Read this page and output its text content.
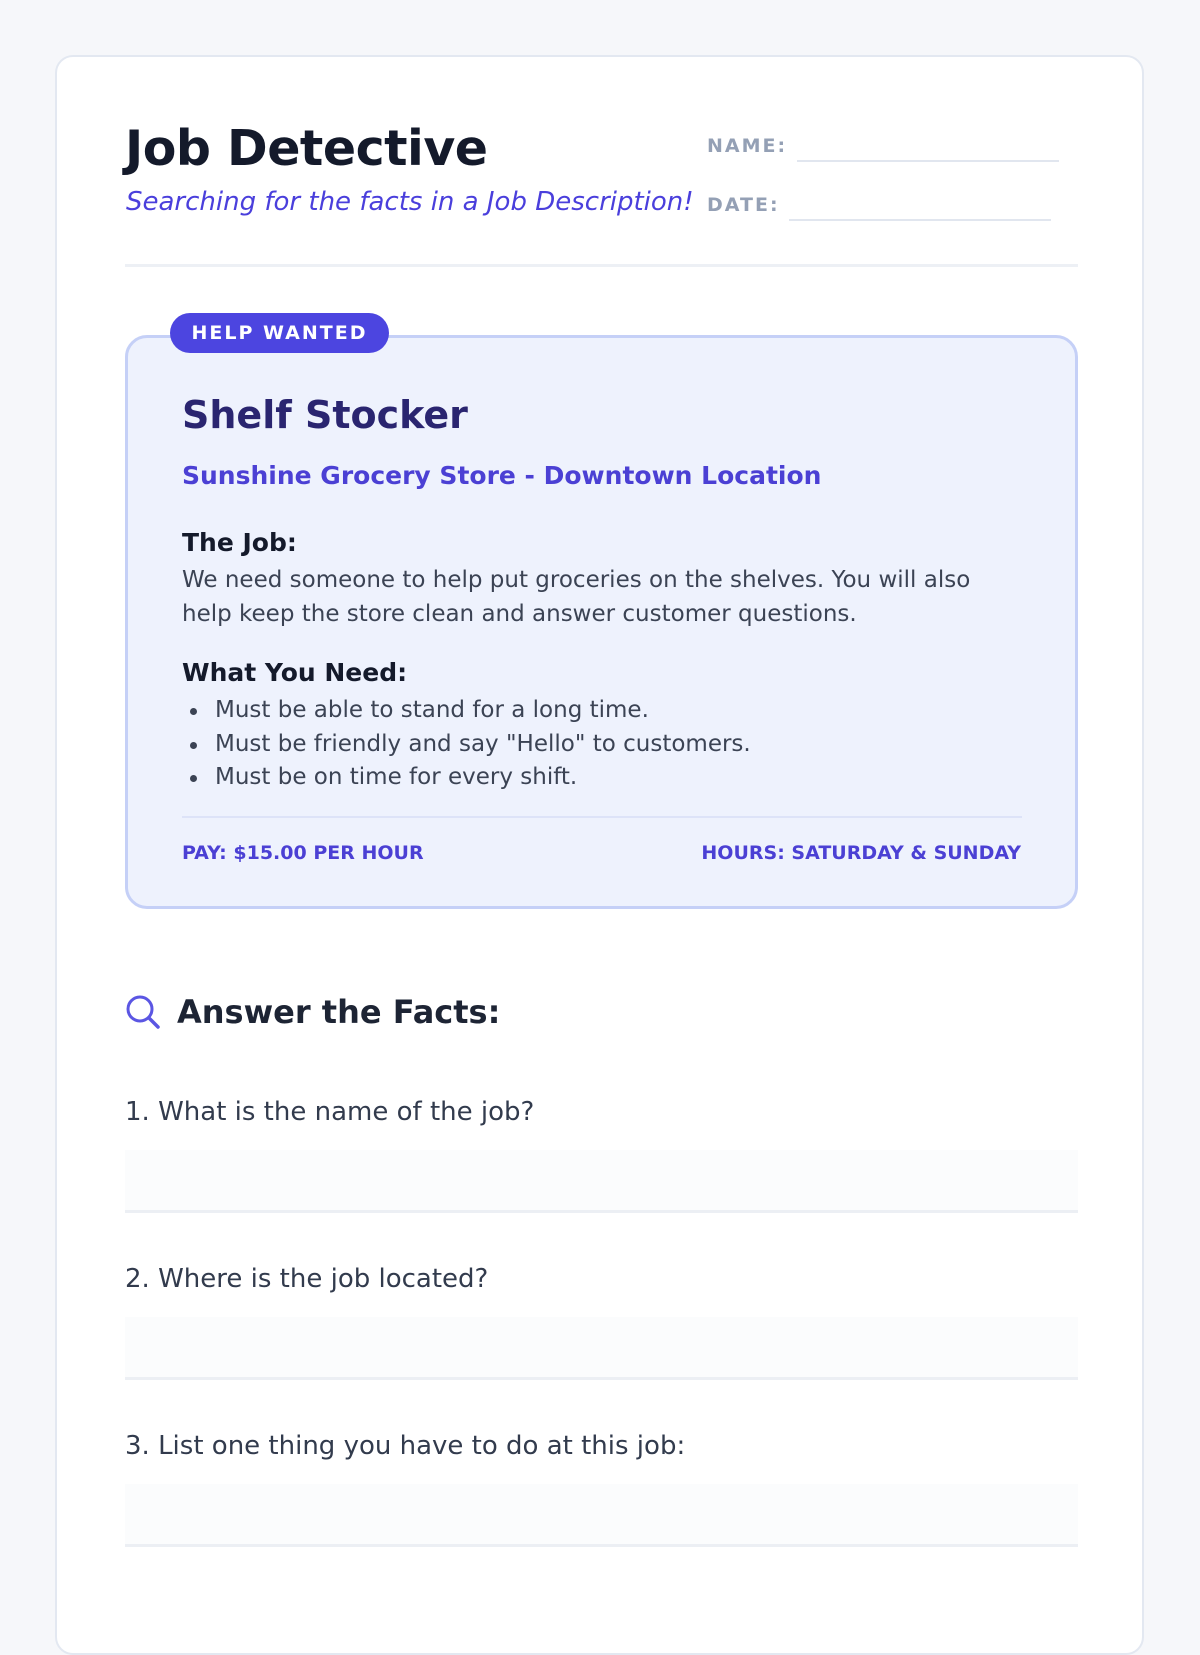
Job Detective

Searching for the facts in a Job Description!

NAME:
DATE:
HELP WANTED
Shelf Stocker

Sunshine Grocery Store - Downtown Location

The Job:

We need someone to help put groceries on the shelves. You will also help keep the store clean and answer customer questions.

What You Need:
Must be able to stand for a long time.
Must be friendly and say "Hello" to customers.
Must be on time for every shift.
PAY: $15.00 PER HOUR	HOURS: SATURDAY & SUNDAY
Answer the Facts:

1. What is the name of the job?

2. Where is the job located?

3. List one thing you have to do at this job:
